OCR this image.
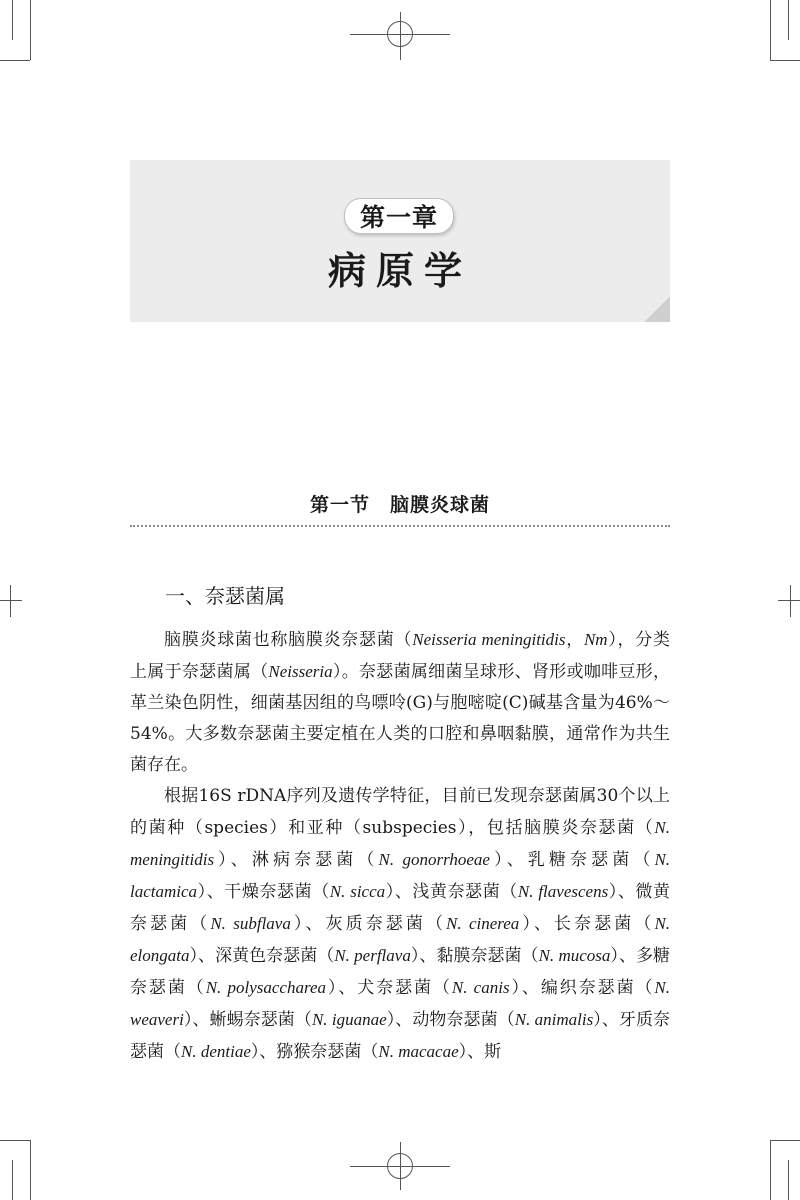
第一章
病原学
第一节　脑膜炎球菌
一、奈瑟菌属

脑膜炎球菌也称脑膜炎奈瑟菌（Neisseria meningitidis，Nm），分类上属于奈瑟菌属（Neisseria）。奈瑟菌属细菌呈球形、肾形或咖啡豆形，革兰染色阴性，细菌基因组的鸟嘌呤(G)与胞嘧啶(C)碱基含量为46%～54%。大多数奈瑟菌主要定植在人类的口腔和鼻咽黏膜，通常作为共生菌存在。

根据16S rDNA序列及遗传学特征，目前已发现奈瑟菌属30个以上的菌种（species）和亚种（subspecies），包括脑膜炎奈瑟菌（N. meningitidis）、淋病奈瑟菌（N. gonorrhoeae）、乳糖奈瑟菌（N. lactamica）、干燥奈瑟菌（N. sicca）、浅黄奈瑟菌（N. flavescens）、微黄奈瑟菌（N. subflava）、灰质奈瑟菌（N. cinerea）、长奈瑟菌（N. elongata）、深黄色奈瑟菌（N. perflava）、黏膜奈瑟菌（N. mucosa）、多糖奈瑟菌（N. polysaccharea）、犬奈瑟菌（N. canis）、编织奈瑟菌（N. weaveri）、蜥蜴奈瑟菌（N. iguanae）、动物奈瑟菌（N. animalis）、牙质奈瑟菌（N. dentiae）、猕猴奈瑟菌（N. macacae）、斯
